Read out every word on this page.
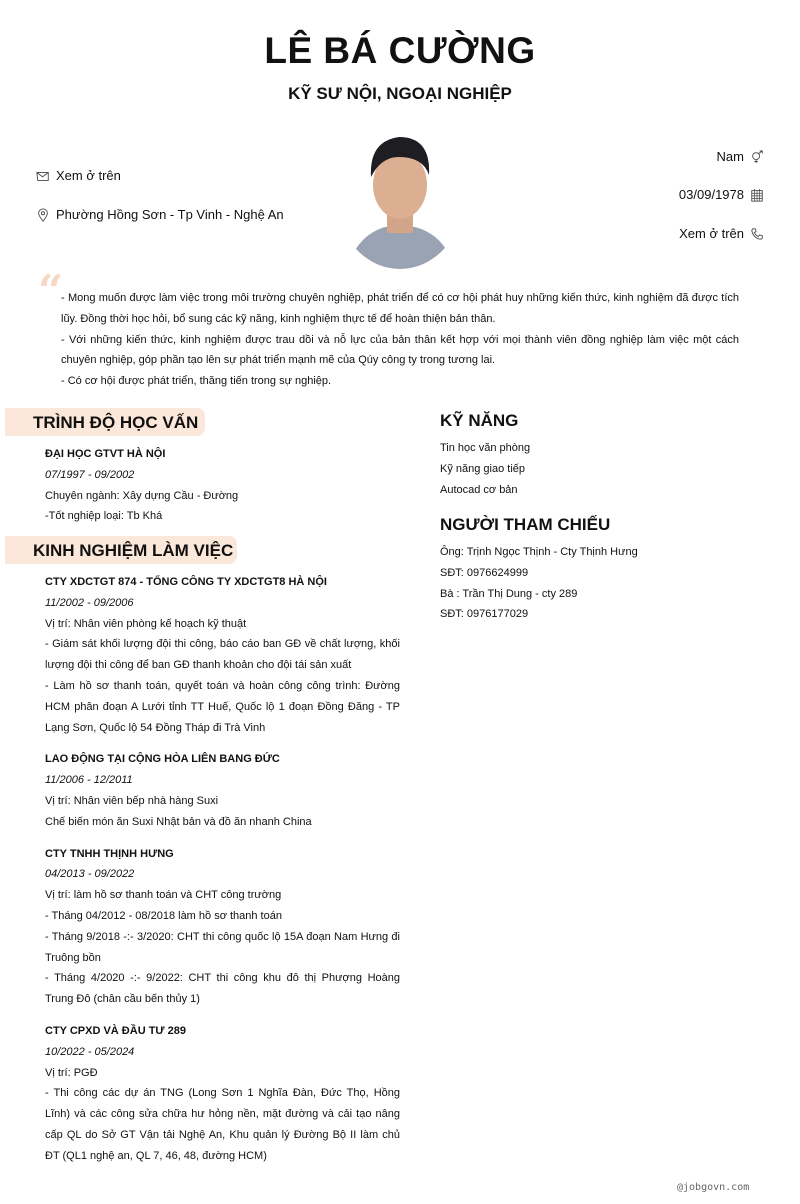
LÊ BÁ CƯỜNG
KỸ SƯ NỘI, NGOẠI NGHIỆP
Xem ở trên
Phường Hồng Sơn - Tp Vinh - Nghệ An
Nam
03/09/1978
Xem ở trên
“
- Mong muốn được làm việc trong môi trường chuyên nghiệp, phát triển để có cơ hội phát huy những kiến thức, kinh nghiệm đã được tích lũy. Đồng thời học hỏi, bổ sung các kỹ năng, kinh nghiệm thực tế để hoàn thiện bản thân.
- Với những kiến thức, kinh nghiệm được trau dồi và nỗ lực của bản thân kết hợp với mọi thành viên đồng nghiệp làm việc một cách chuyên nghiệp, góp phần tạo lên sự phát triển mạnh mẽ của Qúy công ty trong tương lai.
- Có cơ hội được phát triển, thăng tiến trong sự nghiệp.
TRÌNH ĐỘ HỌC VẤN
ĐẠI HỌC GTVT HÀ NỘI
07/1997 - 09/2002
Chuyên ngành: Xây dựng Cầu - Đường
-Tốt nghiệp loại: Tb Khá
KINH NGHIỆM LÀM VIỆC
CTY XDCTGT 874 - TỔNG CÔNG TY XDCTGT8 HÀ NỘI
11/2002 - 09/2006
Vị trí: Nhân viên phòng kế hoạch kỹ thuật
- Giám sát khối lượng đội thi công, báo cáo ban GĐ về chất lượng, khối lượng đội thi công để ban GĐ thanh khoản cho đội tái sản xuất
- Làm hồ sơ thanh toán, quyết toán và hoàn công công trình: Đường HCM phân đoạn A Lưới tỉnh TT Huế, Quốc lộ 1 đoạn Đồng Đăng - TP Lạng Sơn, Quốc lộ 54 Đồng Tháp đi Trà Vinh
LAO ĐỘNG TẠI CỘNG HÒA LIÊN BANG ĐỨC
11/2006 - 12/2011
Vị trí: Nhân viên bếp nhà hàng Suxi
Chế biến món ăn Suxi Nhật bản và đồ ăn nhanh China
CTY TNHH THỊNH HƯNG
04/2013 - 09/2022
Vị trí: làm hồ sơ thanh toán và CHT công trường
- Tháng 04/2012 - 08/2018 làm hồ sơ thanh toán
- Tháng 9/2018 -:- 3/2020: CHT thi công quốc lộ 15A đoạn Nam Hưng đi Truông bồn
- Tháng 4/2020 -:- 9/2022: CHT thi công khu đô thị Phượng Hoàng Trung Đô (chân cầu bến thủy 1)
CTY CPXD VÀ ĐẦU TƯ 289
10/2022 - 05/2024
Vị trí: PGĐ
- Thi công các dự án TNG (Long Sơn 1 Nghĩa Đàn, Đức Thọ, Hồng Lĩnh) và các công sửa chữa hư hỏng nền, mặt đường và cải tạo nâng cấp QL do Sở GT Vận tải Nghệ An, Khu quản lý Đường Bộ II làm chủ ĐT (QL1 nghệ an, QL 7, 46, 48, đường HCM)
KỸ NĂNG
Tin học văn phòng
Kỹ năng giao tiếp
Autocad cơ bản
NGƯỜI THAM CHIẾU
Ông: Trịnh Ngọc Thịnh - Cty Thịnh Hưng
SĐT: 0976624999
Bà : Trần Thị Dung - cty 289
SĐT: 0976177029
@jobgovn.com
